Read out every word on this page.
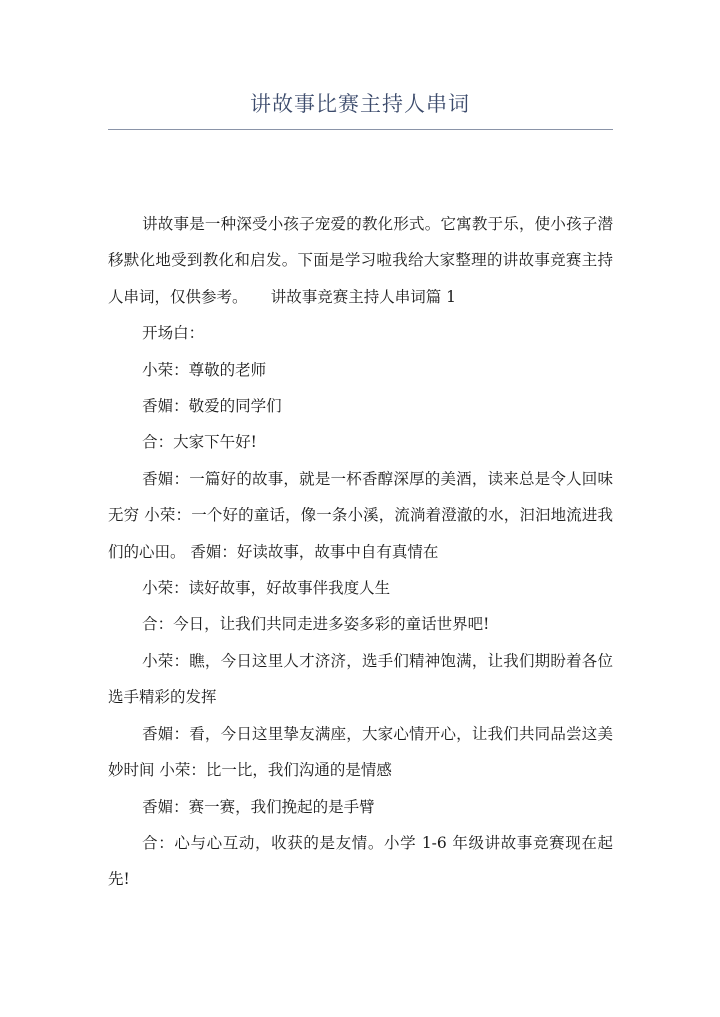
讲故事比赛主持人串词

讲故事是一种深受小孩子宠爱的教化形式。它寓教于乐，使小孩子潜移默化地受到教化和启发。下面是学习啦我给大家整理的讲故事竞赛主持人串词，仅供参考。　　讲故事竞赛主持人串词篇 1

开场白：

小荣：尊敬的老师

香媚：敬爱的同学们

合：大家下午好!

香媚：一篇好的故事，就是一杯香醇深厚的美酒，读来总是令人回味无穷 小荣：一个好的童话，像一条小溪，流淌着澄澈的水，汩汩地流进我们的心田。 香媚：好读故事，故事中自有真情在

小荣：读好故事，好故事伴我度人生

合：今日，让我们共同走进多姿多彩的童话世界吧!

小荣：瞧，今日这里人才济济，选手们精神饱满，让我们期盼着各位选手精彩的发挥

香媚：看，今日这里挚友满座，大家心情开心，让我们共同品尝这美妙时间 小荣：比一比，我们沟通的是情感

香媚：赛一赛，我们挽起的是手臂

合：心与心互动，收获的是友情。小学 1-6 年级讲故事竞赛现在起先!
